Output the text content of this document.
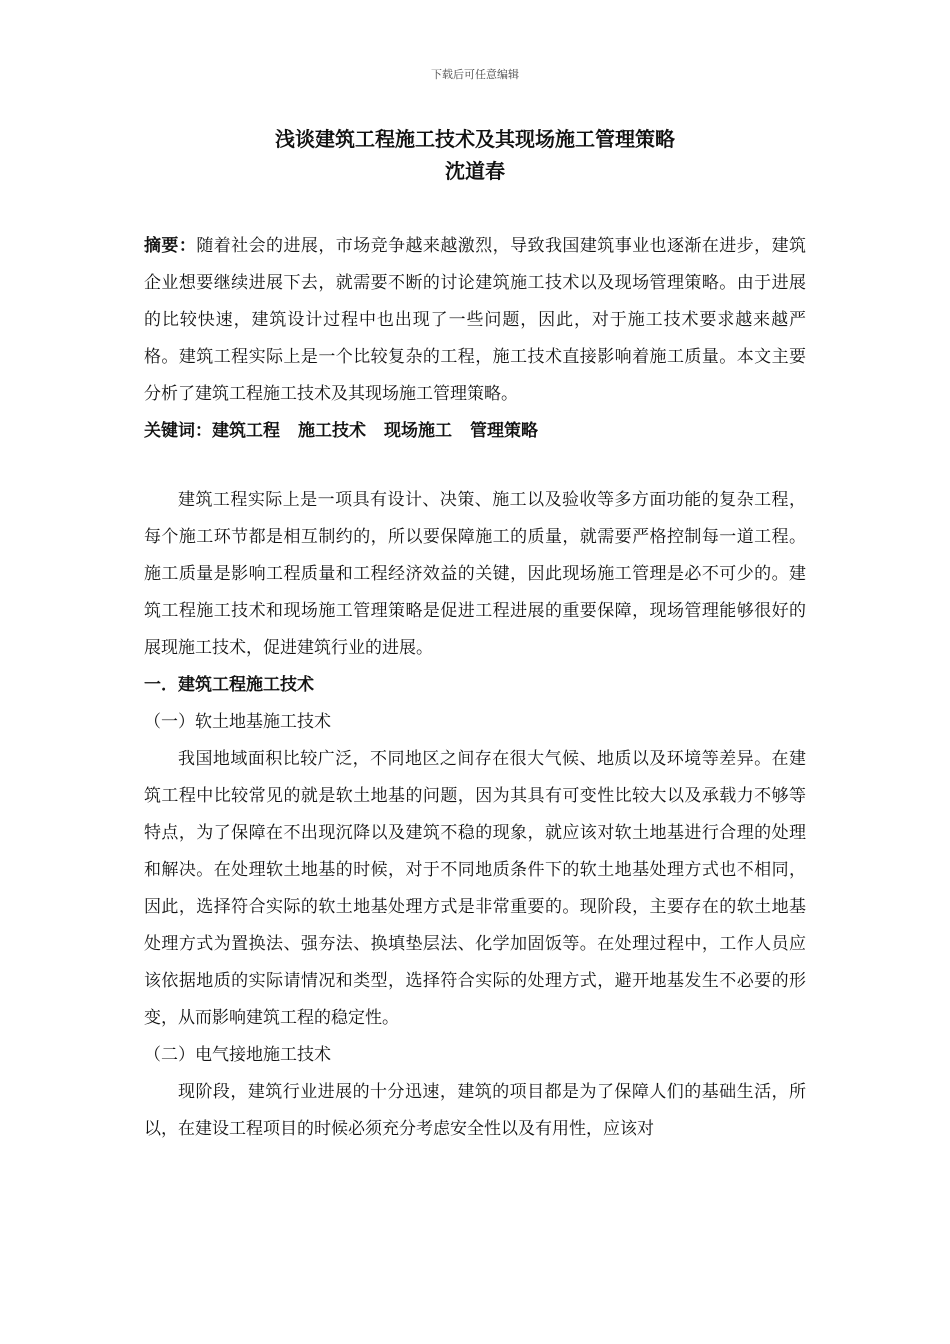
下载后可任意编辑
浅谈建筑工程施工技术及其现场施工管理策略
沈道春

摘要：随着社会的进展，市场竞争越来越激烈，导致我国建筑事业也逐渐在进步，建筑企业想要继续进展下去，就需要不断的讨论建筑施工技术以及现场管理策略。由于进展的比较快速，建筑设计过程中也出现了一些问题，因此，对于施工技术要求越来越严格。建筑工程实际上是一个比较复杂的工程，施工技术直接影响着施工质量。本文主要分析了建筑工程施工技术及其现场施工管理策略。

关键词：建筑工程 施工技术 现场施工 管理策略

建筑工程实际上是一项具有设计、决策、施工以及验收等多方面功能的复杂工程，每个施工环节都是相互制约的，所以要保障施工的质量，就需要严格控制每一道工程。施工质量是影响工程质量和工程经济效益的关键，因此现场施工管理是必不可少的。建筑工程施工技术和现场施工管理策略是促进工程进展的重要保障，现场管理能够很好的展现施工技术，促进建筑行业的进展。

一．建筑工程施工技术

（一）软土地基施工技术

我国地域面积比较广泛，不同地区之间存在很大气候、地质以及环境等差异。在建筑工程中比较常见的就是软土地基的问题，因为其具有可变性比较大以及承载力不够等特点，为了保障在不出现沉降以及建筑不稳的现象，就应该对软土地基进行合理的处理和解决。在处理软土地基的时候，对于不同地质条件下的软土地基处理方式也不相同，因此，选择符合实际的软土地基处理方式是非常重要的。现阶段，主要存在的软土地基处理方式为置换法、强夯法、换填垫层法、化学加固饭等。在处理过程中，工作人员应该依据地质的实际请情况和类型，选择符合实际的处理方式，避开地基发生不必要的形变，从而影响建筑工程的稳定性。

（二）电气接地施工技术

现阶段，建筑行业进展的十分迅速，建筑的项目都是为了保障人们的基础生活，所以，在建设工程项目的时候必须充分考虑安全性以及有用性，应该对
